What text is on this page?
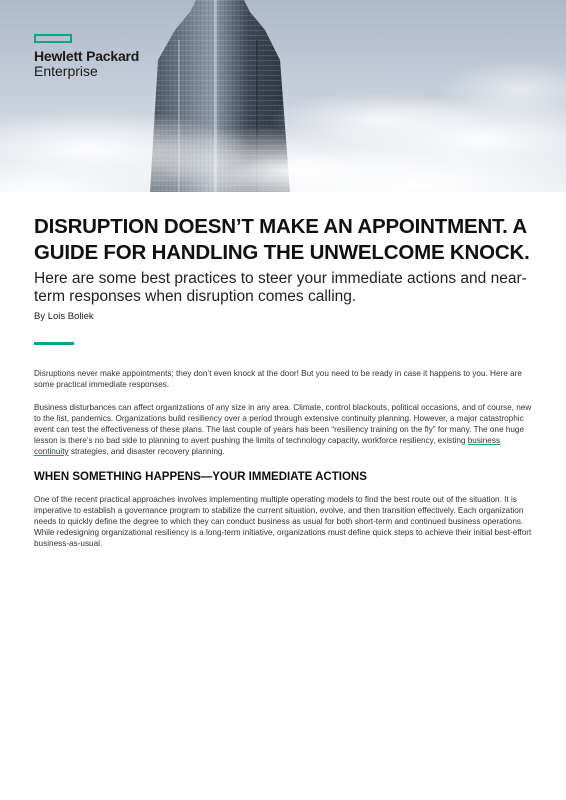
Hewlett Packard
Enterprise
DISRUPTION DOESN’T MAKE AN APPOINTMENT. A GUIDE FOR HANDLING THE UNWELCOME KNOCK.
Here are some best practices to steer your immediate actions and near-term responses when disruption comes calling.
By Lois Boliek

Disruptions never make appointments; they don’t even knock at the door! But you need to be ready in case it happens to you. Here are some practical immediate responses.

Business disturbances can affect organizations of any size in any area. Climate, control blackouts, political occasions, and of course, new to the list, pandemics. Organizations build resiliency over a period through extensive continuity planning. However, a major catastrophic event can test the effectiveness of these plans. The last couple of years has been “resiliency training on the fly” for many. The one huge lesson is there’s no bad side to planning to avert pushing the limits of technology capacity, workforce resiliency, existing business continuity strategies, and disaster recovery planning.

WHEN SOMETHING HAPPENS—YOUR IMMEDIATE ACTIONS

One of the recent practical approaches involves implementing multiple operating models to find the best route out of the situation. It is imperative to establish a governance program to stabilize the current situation, evolve, and then transition effectively. Each organization needs to quickly define the degree to which they can conduct business as usual for both short-term and continued business operations. While redesigning organizational resiliency is a long-term initiative, organizations must define quick steps to achieve their initial best-effort business-as-usual.
